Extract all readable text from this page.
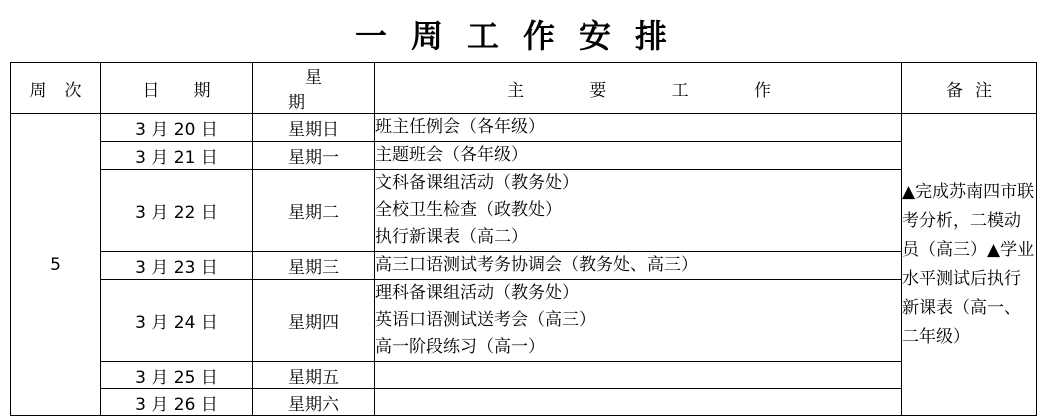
一周工作安排
周次	日期	星期	主 要 工 作	备注
5	3 月 20 日	星期日	班主任例会（各年级）	▲完成苏南四市联考分析，二模动员（高三）▲学业水平测试后执行新课表（高一、二年级）
	3 月 21 日	星期一	主题班会（各年级）	

	3 月 22 日	星期二	文科备课组活动（教务处）
全校卫生检查（政教处）
执行新课表（高二）	

	3 月 23 日	星期三	高三口语测试考务协调会（教务处、高三）	

	3 月 24 日	星期四	理科备课组活动（教务处）
英语口语测试送考会（高三）
高一阶段练习（高一）	

	3 月 25 日	星期五		
	3 月 26 日	星期六		
